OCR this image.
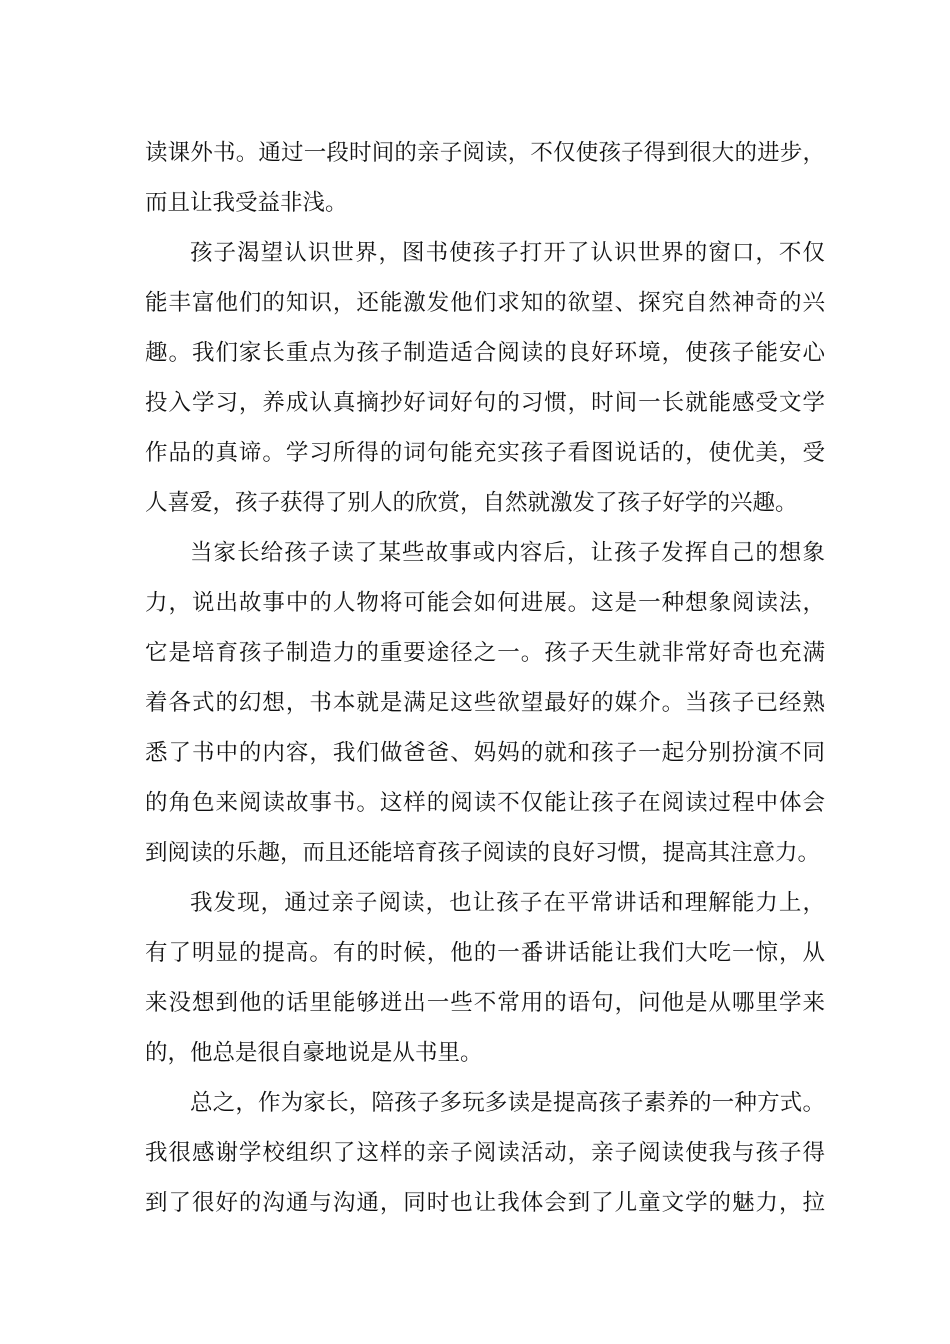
读课外书。通过一段时间的亲子阅读，不仅使孩子得到很大的进步，
而且让我受益非浅。
孩子渴望认识世界，图书使孩子打开了认识世界的窗口，不仅
能丰富他们的知识，还能激发他们求知的欲望、探究自然神奇的兴
趣。我们家长重点为孩子制造适合阅读的良好环境，使孩子能安心
投入学习，养成认真摘抄好词好句的习惯，时间一长就能感受文学
作品的真谛。学习所得的词句能充实孩子看图说话的，使优美，受
人喜爱，孩子获得了别人的欣赏，自然就激发了孩子好学的兴趣。
当家长给孩子读了某些故事或内容后，让孩子发挥自己的想象
力，说出故事中的人物将可能会如何进展。这是一种想象阅读法，
它是培育孩子制造力的重要途径之一。孩子天生就非常好奇也充满
着各式的幻想，书本就是满足这些欲望最好的媒介。当孩子已经熟
悉了书中的内容，我们做爸爸、妈妈的就和孩子一起分别扮演不同
的角色来阅读故事书。这样的阅读不仅能让孩子在阅读过程中体会
到阅读的乐趣，而且还能培育孩子阅读的良好习惯，提高其注意力。
我发现，通过亲子阅读，也让孩子在平常讲话和理解能力上，
有了明显的提高。有的时候，他的一番讲话能让我们大吃一惊，从
来没想到他的话里能够迸出一些不常用的语句，问他是从哪里学来
的，他总是很自豪地说是从书里。
总之，作为家长，陪孩子多玩多读是提高孩子素养的一种方式。
我很感谢学校组织了这样的亲子阅读活动，亲子阅读使我与孩子得
到了很好的沟通与沟通，同时也让我体会到了儿童文学的魅力，拉
